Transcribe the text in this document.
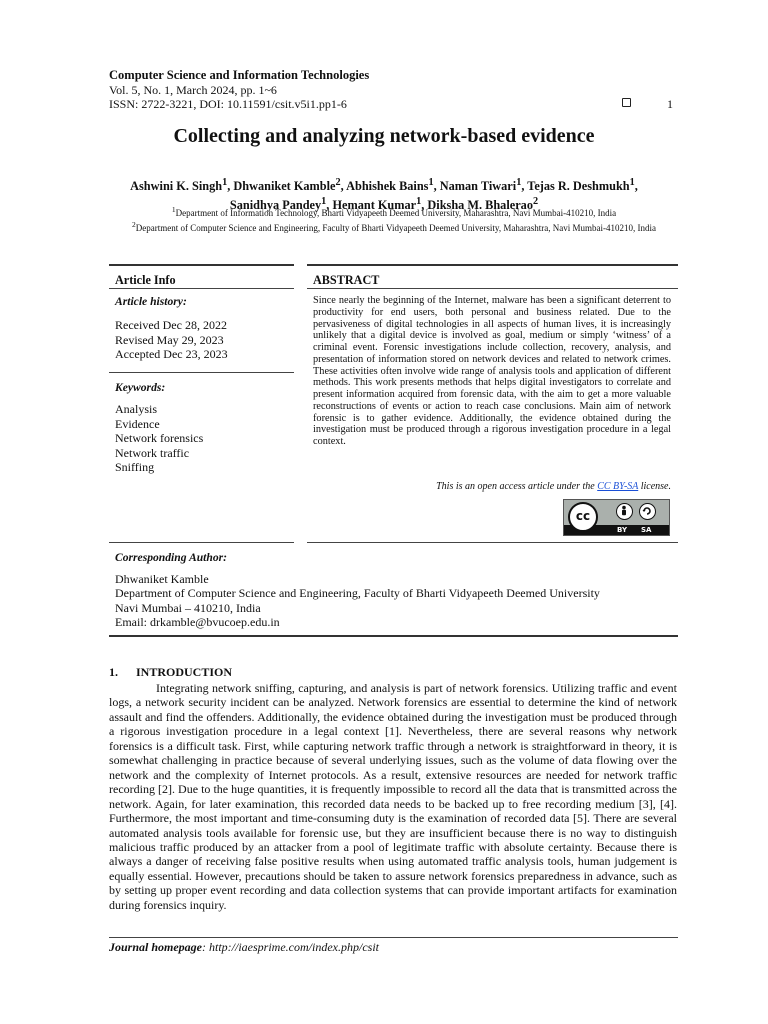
Computer Science and Information Technologies
Vol. 5, No. 1, March 2024, pp. 1~6
ISSN: 2722-3221, DOI: 10.11591/csit.v5i1.pp1-6	1
Collecting and analyzing network-based evidence
Ashwini K. Singh$^1$, Dhwaniket Kamble$^2$, Abhishek Bains$^1$, Naman Tiwari$^1$, Tejas R. Deshmukh$^1$,
Sanidhya Pandey$^1$, Hemant Kumar$^1$, Diksha M. Bhalerao$^2$
$^1$Department of Information Technology, Bharti Vidyapeeth Deemed University, Maharashtra, Navi Mumbai-410210, India
$^2$Department of Computer Science and Engineering, Faculty of Bharti Vidyapeeth Deemed University, Maharashtra, Navi Mumbai-410210, India
Article Info
Article history:
Received Dec 28, 2022
Revised May 29, 2023
Accepted Dec 23, 2023
Keywords:
Analysis
Evidence
Network forensics
Network traffic
Sniffing
ABSTRACT
Since nearly the beginning of the Internet, malware has been a significant deterrent to productivity for end users, both personal and business related. Due to the pervasiveness of digital technologies in all aspects of human lives, it is increasingly unlikely that a digital device is involved as goal, medium or simply ‘witness’ of a criminal event. Forensic investigations include collection, recovery, analysis, and presentation of information stored on network devices and related to network crimes. These activities often involve wide range of analysis tools and application of different methods. This work presents methods that helps digital investigators to correlate and present information acquired from forensic data, with the aim to get a more valuable reconstructions of events or action to reach case conclusions. Main aim of network forensic is to gather evidence. Additionally, the evidence obtained during the investigation must be produced through a rigorous investigation procedure in a legal context.
This is an open access article under the CC BY-SA license.
cc
BY SA
Corresponding Author:
Dhwaniket Kamble
Department of Computer Science and Engineering, Faculty of Bharti Vidyapeeth Deemed University
Navi Mumbai – 410210, India
Email: drkamble@bvucoep.edu.in
1.      INTRODUCTION
Integrating network sniffing, capturing, and analysis is part of network forensics. Utilizing traffic and event logs, a network security incident can be analyzed. Network forensics are essential to determine the kind of network assault and find the offenders. Additionally, the evidence obtained during the investigation must be produced through a rigorous investigation procedure in a legal context [1]. Nevertheless, there are several reasons why network forensics is a difficult task. First, while capturing network traffic through a network is straightforward in theory, it is somewhat challenging in practice because of several underlying issues, such as the volume of data flowing over the network and the complexity of Internet protocols. As a result, extensive resources are needed for network traffic recording [2]. Due to the huge quantities, it is frequently impossible to record all the data that is transmitted across the network. Again, for later examination, this recorded data needs to be backed up to free recording medium [3], [4]. Furthermore, the most important and time-consuming duty is the examination of recorded data [5]. There are several automated analysis tools available for forensic use, but they are insufficient because there is no way to distinguish malicious traffic produced by an attacker from a pool of legitimate traffic with absolute certainty. Because there is always a danger of receiving false positive results when using automated traffic analysis tools, human judgement is equally essential. However, precautions should be taken to assure network forensics preparedness in advance, such as by setting up proper event recording and data collection systems that can provide important artifacts for examination during forensics inquiry.
Journal homepage: http://iaesprime.com/index.php/csit
